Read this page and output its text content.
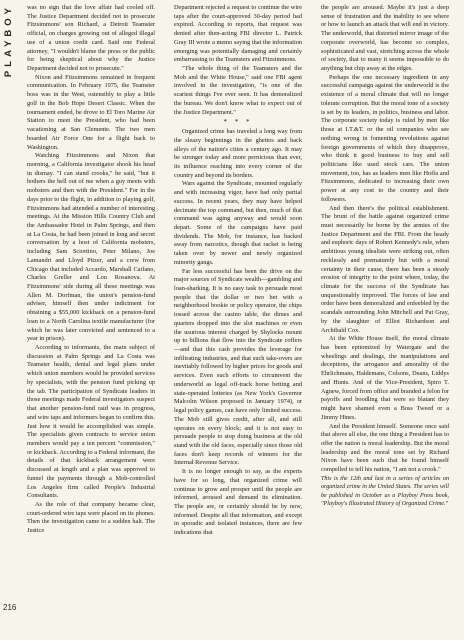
PLAYBOY
216

was no sign that the love affair had cooled off. The Justice Department decided not to prosecute Fitzsimmons' son Richard, a Detroit Teamster official, on charges growing out of alleged illegal use of a union credit card. Said one Federal attorney, "I wouldn't blame the press or the public for being skeptical about why the Justice Department decided not to prosecute."

Nixon and Fitzsimmons remained in frequent communication. In February 1975, the Teamster boss was in the West, ostensibly to play a little golf in the Bob Hope Desert Classic. When the tournament ended, he drove to El Toro Marine Air Station to meet the President, who had been vacationing at San Clemente. The two men boarded Air Force One for a flight back to Washington.

Watching Fitzsimmons and Nixon that morning, a California investigator shook his head in dismay. "I can stand crooks," he said, "but it bothers the hell out of me when a guy meets with mobsters and then with the President." For in the days prior to the flight, in addition to playing golf, Fitzsimmons had attended a number of interesting meetings. At the Mission Hills Country Club and the Ambassador Hotel in Palm Springs, and then at La Costa, he had been joined in long and secret conversation by a host of California mobsters, including Sam Sciortino, Peter Milano, Joe Lamandri and Lloyd Pitzer, and a crew from Chicago that included Accardo, Marshall Caifano, Charles Greller and Lou Rosanova. At Fitzsimmons' side during all these meetings was Allen M. Dorfman, the union's pension-fund adviser, himself then under indictment for obtaining a $55,000 kickback on a pension-fund loan to a North Carolina textile manufacturer (for which he was later convicted and sentenced to a year in prison).

According to informants, the main subject of discussion at Palm Springs and La Costa was Teamster health, dental and legal plans under which union members would be provided services by specialists, with the pension fund picking up the tab. The participation of Syndicate leaders in those meetings made Federal investigators suspect that another pension-fund raid was in progress, and wire taps and informers began to confirm this. Just how it would be accomplished was simple. The specialists given contracts to service union members would pay a ten percent "commission," or kickback. According to a Federal informant, the details of that kickback arrangement were discussed at length and a plan was approved to funnel the payments through a Mob-controlled Los Angeles firm called People's Industrial Consultants.

As the role of that company became clear, court-ordered wire taps were placed on its phones. Then the investigation came to a sudden halt. The Justice

Department rejected a request to continue the wire taps after the court-approved 30-day period had expired. According to reports, that request was denied after then-acting FBI director L. Patrick Gray III wrote a memo saying that the information emerging was potentially damaging and certainly embarrassing to the Teamsters and Fitzsimmons.

"The whole thing of the Teamsters and the Mob and the White House," said one FBI agent involved in the investigation, "is one of the scariest things I've ever seen. It has demoralized the bureau. We don't know what to expect out of the Justice Department."

* * *

Organized crime has traveled a long way from the sleazy beginnings in the ghettos and back alleys of the nation's cities a century ago. It may be stronger today and more pernicious than ever, its influence reaching into every corner of the country and beyond its borders.

Wars against the Syndicate, mounted regularly and with increasing vigor, have had only partial success. In recent years, they may have helped decimate the top command, but then, much of that command was aging anyway and would soon depart. Some of the campaigns have paid dividends. The Mob, for instance, has backed away from narcotics, though that racket is being taken over by newer and newly organized minority gangs.

Far less successful has been the drive on the major sources of Syndicate wealth—gambling and loan-sharking. It is no easy task to persuade most people that the dollar or two bet with a neighborhood bookie or policy operator, the chips tossed across the casino table, the dimes and quarters dropped into the slot machines or even the usurious interest charged by Shylocks mount up to billions that flow into the Syndicate coffers—and that this cash provides the leverage for infiltrating industries, and that such take-overs are inevitably followed by higher prices for goods and services. Even such efforts to circumvent the underworld as legal off-track horse betting and state-operated lotteries (as New York's Governor Malcolm Wilson proposed in January 1974), or legal policy games, can have only limited success. The Mob still gives credit, after all, and still operates on every block; and it is not easy to persuade people to stop doing business at the old stand with the old faces, especially since those old faces don't keep records of winners for the Internal Revenue Service.

It is no longer enough to say, as the experts have for so long, that organized crime will continue to grow and prosper until the people are informed, aroused and demand its elimination. The people are, or certainly should be by now, informed. Despite all that information, and except in sporadic and isolated instances, there are few indications that

the people are aroused. Maybe it's just a deep sense of frustration and the inability to see where or how to launch an attack that will end in victory. The underworld, that distorted mirror image of the corporate overworld, has become so complex, sophisticated and vast, stretching across the whole of society, that to many it seems impossible to do anything but chip away at the edges.

Perhaps the one necessary ingredient in any successful campaign against the underworld is the existence of a moral climate that will no longer tolerate corruption. But the moral tone of a society is set by its leaders, in politics, business and labor. The corporate society today is ruled by men like those at I.T.&T. or the oil companies who see nothing wrong in fomenting revolutions against foreign governments of which they disapprove, who think it good business to buy and sell politicians like used stock cars. The union movement, too, has as leaders men like Hoffa and Fitzsimmons, dedicated to increasing their own power at any cost to the country and their followers.

And then there's the political establishment. The brunt of the battle against organized crime must necessarily be borne by the armies of the Justice Department and the FBI. From the heady and euphoric days of Robert Kennedy's rule, when ambitious young idealists were striking out, often recklessly and prematurely but with a moral certainty in their cause, there has been a steady erosion of integrity to the point where, today, the climate for the success of the Syndicate has unquestionably improved. The forces of law and order have been demoralized and enfeebled by the scandals surrounding John Mitchell and Pat Gray, by the slaughter of Elliot Richardson and Archibald Cox.

At the White House itself, the moral climate has been epitomized by Watergate and the wheelings and dealings, the manipulations and deceptions, the arrogance and amorality of the Ehrlichmans, Haldemans, Colsons, Deans, Liddys and Hunts. And of the Vice-President, Spiro T. Agnew, forced from office and branded a felon for payoffs and boodling that were so blatant they might have shamed even a Boss Tweed or a Jimmy Hines.

And the President himself. Someone once said that above all else, the one thing a President has to offer the nation is moral leadership. But the moral leadership and the moral tone set by Richard Nixon have been such that he found himself compelled to tell his nation, "I am not a crook."

This is the 12th and last in a series of articles on organized crime in the United States. The series will be published in October as a Playboy Press book, "Playboy's Illustrated History of Organized Crime."
